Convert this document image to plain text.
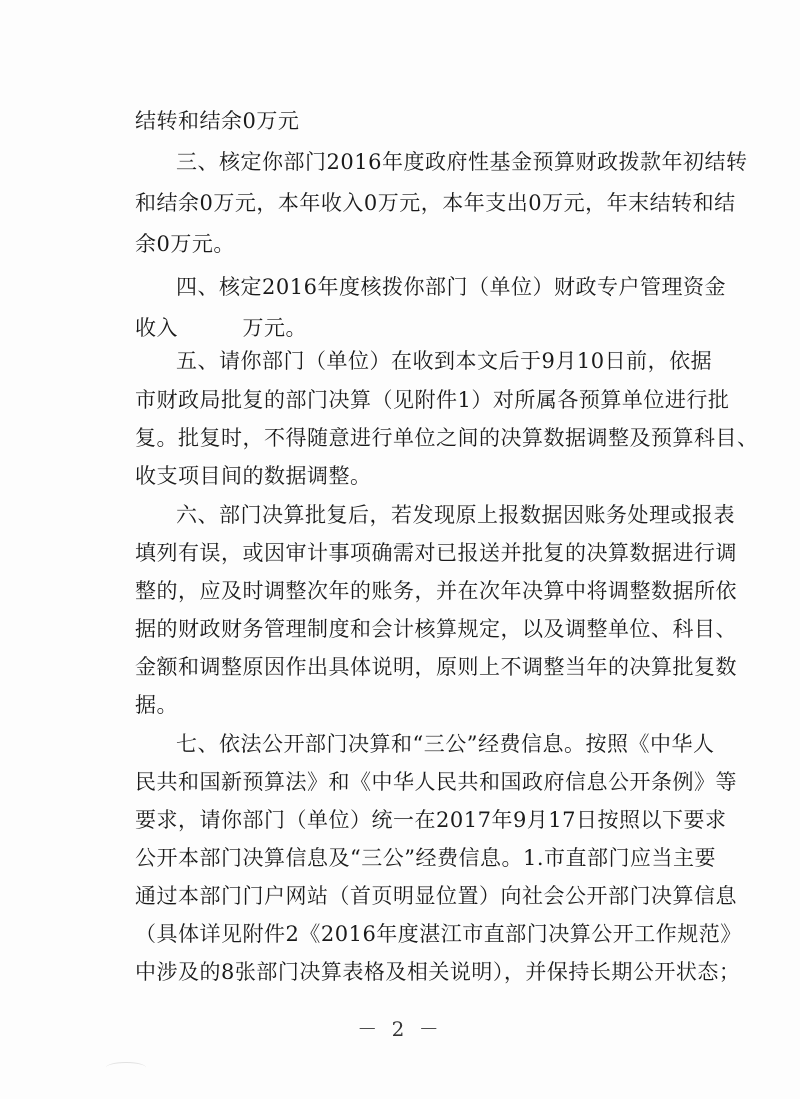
结转和结余0万元
三、核定你部门2016年度政府性基金预算财政拨款年初结转
和结余0万元，本年收入0万元，本年支出0万元，年末结转和结
余0万元。
四、核定2016年度核拨你部门（单位）财政专户管理资金
收入　　　万元。
五、请你部门（单位）在收到本文后于9月10日前，依据
市财政局批复的部门决算（见附件1）对所属各预算单位进行批
复。批复时，不得随意进行单位之间的决算数据调整及预算科目、
收支项目间的数据调整。
六、部门决算批复后，若发现原上报数据因账务处理或报表
填列有误，或因审计事项确需对已报送并批复的决算数据进行调
整的，应及时调整次年的账务，并在次年决算中将调整数据所依
据的财政财务管理制度和会计核算规定，以及调整单位、科目、
金额和调整原因作出具体说明，原则上不调整当年的决算批复数
据。
七、依法公开部门决算和“三公”经费信息。按照《中华人
民共和国新预算法》和《中华人民共和国政府信息公开条例》等
要求，请你部门（单位）统一在2017年9月17日按照以下要求
公开本部门决算信息及“三公”经费信息。1.市直部门应当主要
通过本部门门户网站（首页明显位置）向社会公开部门决算信息
（具体详见附件2《2016年度湛江市直部门决算公开工作规范》
中涉及的8张部门决算表格及相关说明），并保持长期公开状态；
－ 2 －
